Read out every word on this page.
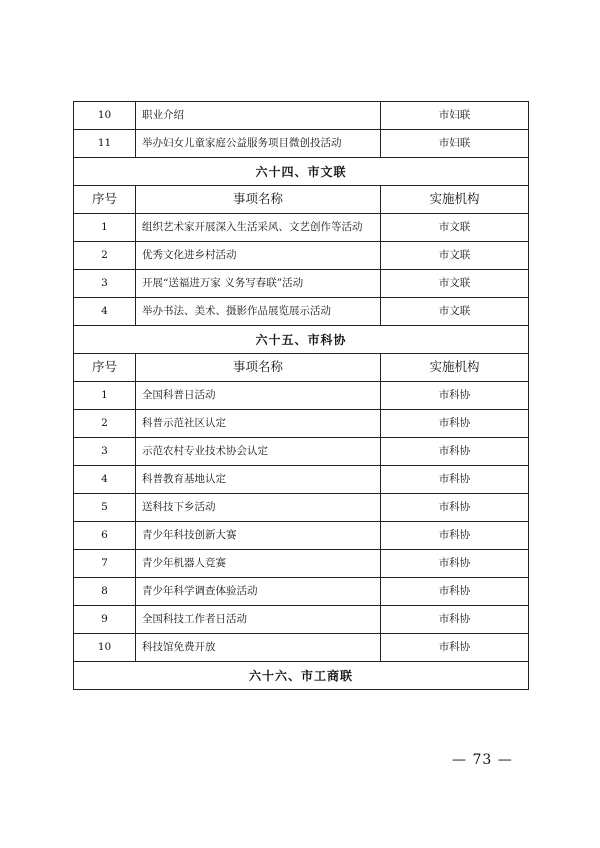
10	职业介绍	市妇联
11	举办妇女儿童家庭公益服务项目微创投活动	市妇联
六十四、市文联		
序号	事项名称	实施机构
1	组织艺术家开展深入生活采风、文艺创作等活动	市文联
2	优秀文化进乡村活动	市文联
3	开展“送福进万家 义务写春联”活动	市文联
4	举办书法、美术、摄影作品展览展示活动	市文联
六十五、市科协		
序号	事项名称	实施机构
1	全国科普日活动	市科协
2	科普示范社区认定	市科协
3	示范农村专业技术协会认定	市科协
4	科普教育基地认定	市科协
5	送科技下乡活动	市科协
6	青少年科技创新大赛	市科协
7	青少年机器人竞赛	市科协
8	青少年科学调查体验活动	市科协
9	全国科技工作者日活动	市科协
10	科技馆免费开放	市科协
六十六、市工商联		
— 73 —
